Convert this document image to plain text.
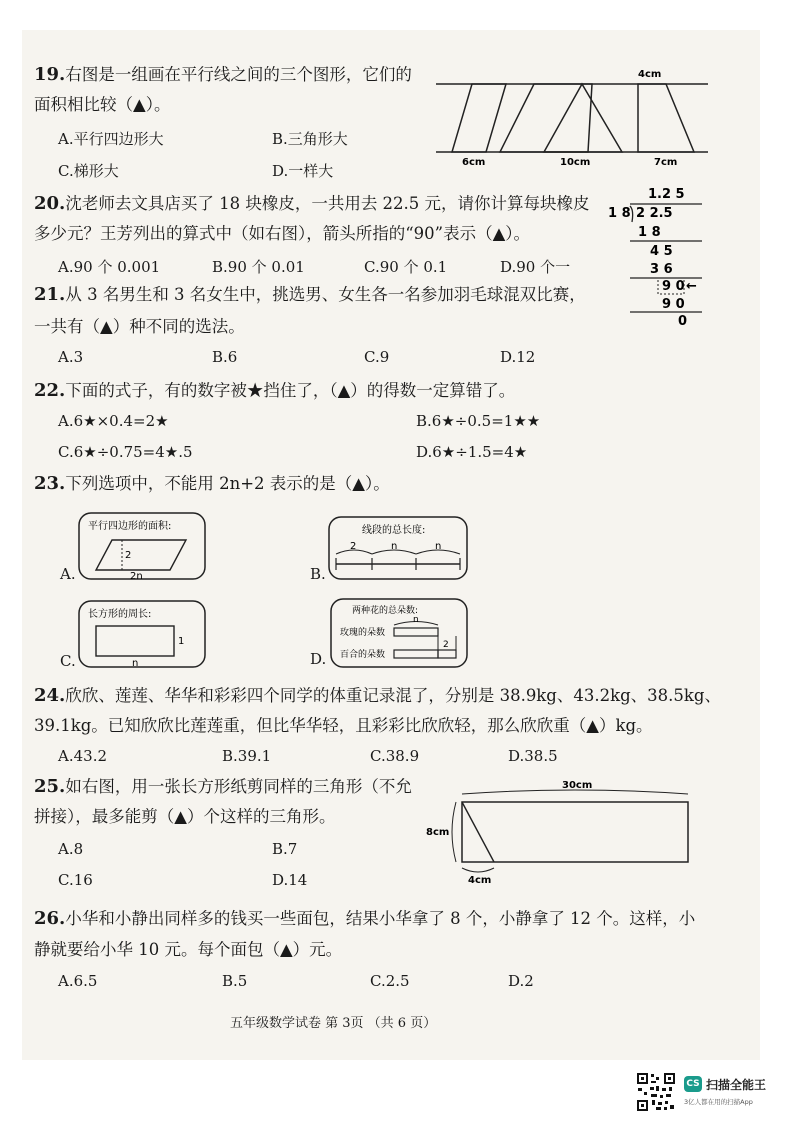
19.右图是一组画在平行线之间的三个图形，它们的
面积相比较（▲）。
A.平行四边形大	B.三角形大
C.梯形大	D.一样大
4cm
6cm	10cm	7cm
20.沈老师去文具店买了 18 块橡皮，一共用去 22.5 元，请你计算每块橡皮
多少元？王芳列出的算式中（如右图），箭头所指的“90”表示（▲）。
A.90 个 0.001	B.90 个 0.01	C.90 个 0.1	D.90 个一
1.2 5
1 8 2 2.5
1 8
4 5
3 6
9 0
9 0
0
←
21.从 3 名男生和 3 名女生中，挑选男、女生各一名参加羽毛球混双比赛，
一共有（▲）种不同的选法。
A.3	B.6	C.9	D.12
22.下面的式子，有的数字被★挡住了，（▲）的得数一定算错了。
A.6★×0.4=2★	B.6★÷0.5=1★★
C.6★÷0.75=4★.5	D.6★÷1.5=4★
23.下列选项中，不能用 2n+2 表示的是（▲）。
A.	B.
C.	D.
平行四边形的面积:
2
2n
线段的总长度:
2	n	n
长方形的周长:
1
n
两种花的总朵数:
玫瑰的朵数
百合的朵数
n
2
24.欣欣、莲莲、华华和彩彩四个同学的体重记录混了，分别是 38.9kg、43.2kg、38.5kg、
39.1kg。已知欣欣比莲莲重，但比华华轻，且彩彩比欣欣轻，那么欣欣重（▲）kg。
A.43.2	B.39.1	C.38.9	D.38.5
25.如右图，用一张长方形纸剪同样的三角形（不允
拼接），最多能剪（▲）个这样的三角形。
A.8	B.7
C.16	D.14
30cm
8cm
4cm
26.小华和小静出同样多的钱买一些面包，结果小华拿了 8 个，小静拿了 12 个。这样，小
静就要给小华 10 元。每个面包（▲）元。
A.6.5	B.5	C.2.5	D.2
五年级数学试卷 第 3页 （共 6 页）
CS 扫描全能王
3亿人都在用的扫描App
